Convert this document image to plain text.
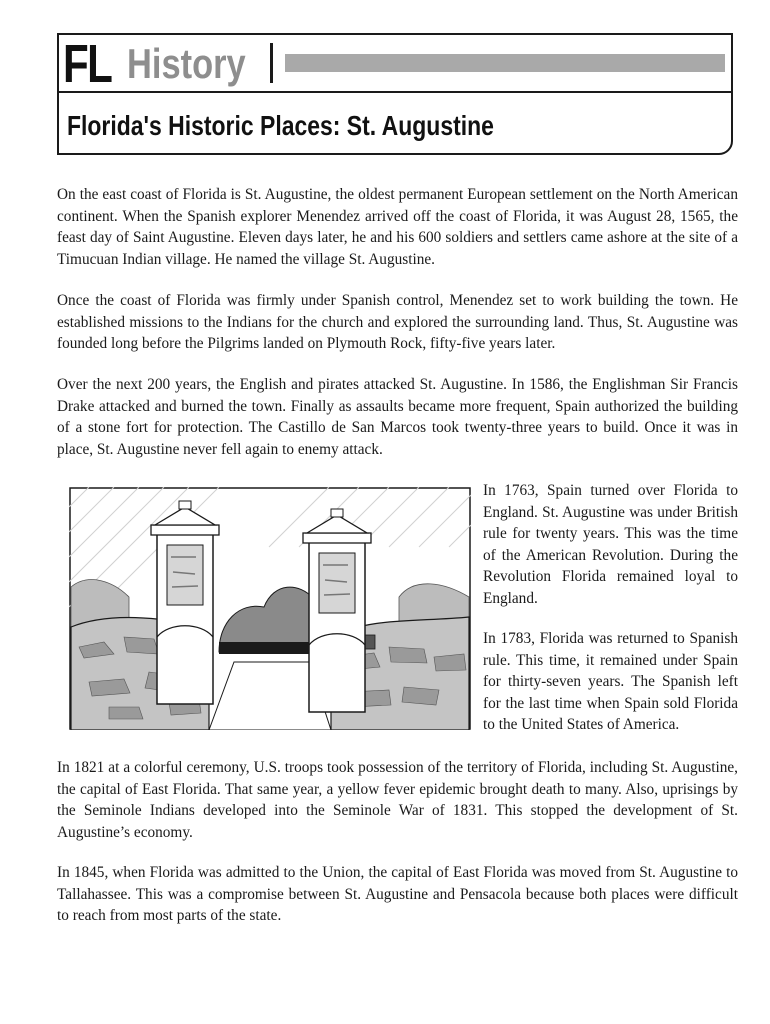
FL History
Florida's Historic Places: St. Augustine

On the east coast of Florida is St. Augustine, the oldest permanent European settlement on the North American continent. When the Spanish explorer Menendez arrived off the coast of Florida, it was August 28, 1565, the feast day of Saint Augustine. Eleven days later, he and his 600 soldiers and settlers came ashore at the site of a Timucuan Indian village. He named the village St. Augustine.

Once the coast of Florida was firmly under Spanish control, Menendez set to work building the town. He established missions to the Indians for the church and explored the surrounding land. Thus, St. Augustine was founded long before the Pilgrims landed on Plymouth Rock, fifty-five years later.

Over the next 200 years, the English and pirates attacked St. Augustine. In 1586, the Englishman Sir Francis Drake attacked and burned the town. Finally as assaults became more frequent, Spain authorized the building of a stone fort for protection. The Castillo de San Marcos took twenty-three years to build. Once it was in place, St. Augustine never fell again to enemy attack.

In 1763, Spain turned over Florida to England. St. Augustine was under British rule for twenty years. This was the time of the American Revolution. During the Revolution Florida remained loyal to England.

In 1783, Florida was returned to Spanish rule. This time, it remained under Spain for thirty-seven years. The Spanish left for the last time when Spain sold Florida to the United States of America.

In 1821 at a colorful ceremony, U.S. troops took possession of the territory of Florida, including St. Augustine, the capital of East Florida. That same year, a yellow fever epidemic brought death to many. Also, uprisings by the Seminole Indians developed into the Seminole War of 1831. This stopped the development of St. Augustine’s economy.

In 1845, when Florida was admitted to the Union, the capital of East Florida was moved from St. Augustine to Tallahassee. This was a compromise between St. Augustine and Pensacola because both places were difficult to reach from most parts of the state.
